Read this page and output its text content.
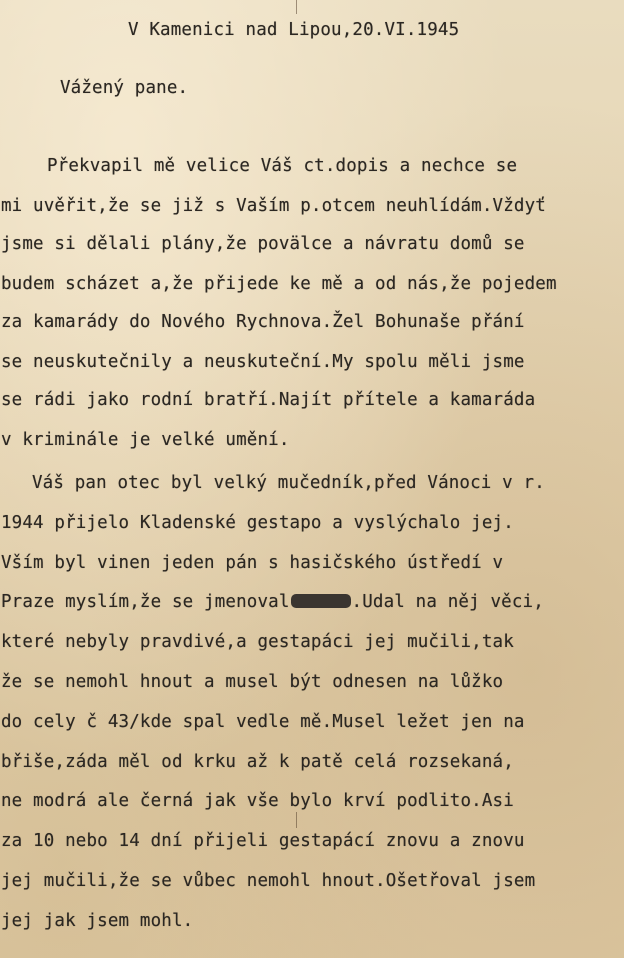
V Kamenici nad Lipou,20.VI.1945
Vážený pane.
Překvapil mě velice Váš ct.dopis a nechce se
mi uvěřit,že se již s Vaším p.otcem neuhlídám.Vždyť
jsme si dělali plány,že povälce a návratu domů se
budem scházet a,že přijede ke mě a od nás,že pojedem
za kamarády do Nového Rychnova.Žel Bohunaše přání
se neuskutečnily a neuskuteční.My spolu měli jsme
se rádi jako rodní bratří.Najít přítele a kamaráda
v kriminále je velké umění.
Váš pan otec byl velký mučedník,před Vánoci v r.
1944 přijelo Kladenské gestapo a vyslýchalo jej.
Vším byl vinen jeden pán s hasičského ústředí v
Praze myslím,že se jmenoval	.Udal na něj věci,
které nebyly pravdivé,a gestapáci jej mučili,tak
že se nemohl hnout a musel být odnesen na lůžko
do cely č 43/kde spal vedle mě.Musel ležet jen na
břiše,záda měl od krku až k patě celá rozsekaná,
ne modrá ale černá jak vše bylo krví podlito.Asi
za 10 nebo 14 dní přijeli gestapácí znovu a znovu
jej mučili,že se vůbec nemohl hnout.Ošetřoval jsem
jej jak jsem mohl.
